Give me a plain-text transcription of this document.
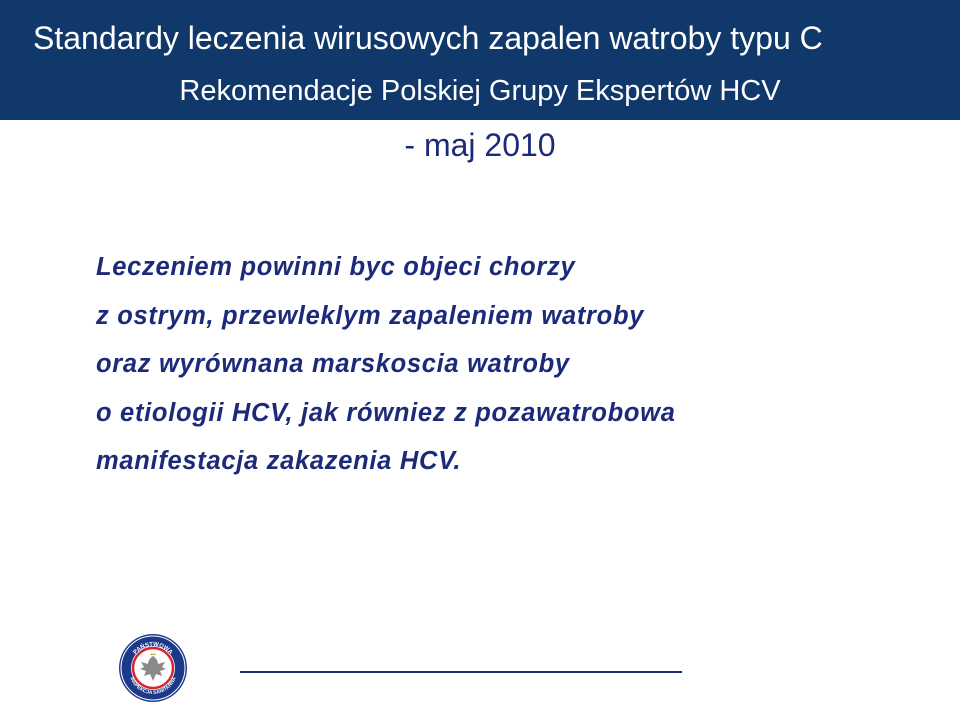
Standardy leczenia wirusowych zapalen watroby typu C
Rekomendacje Polskiej Grupy Ekspertów HCV
- maj 2010
Leczeniem powinni byc objeci chorzy
z ostrym, przewleklym zapaleniem watroby
oraz wyrównana marskoscia watroby
o etiologii HCV, jak równiez z pozawatrobowa
manifestacja zakazenia HCV.
PAŃSTWOWA
INSPEKCJA SANITARNA
